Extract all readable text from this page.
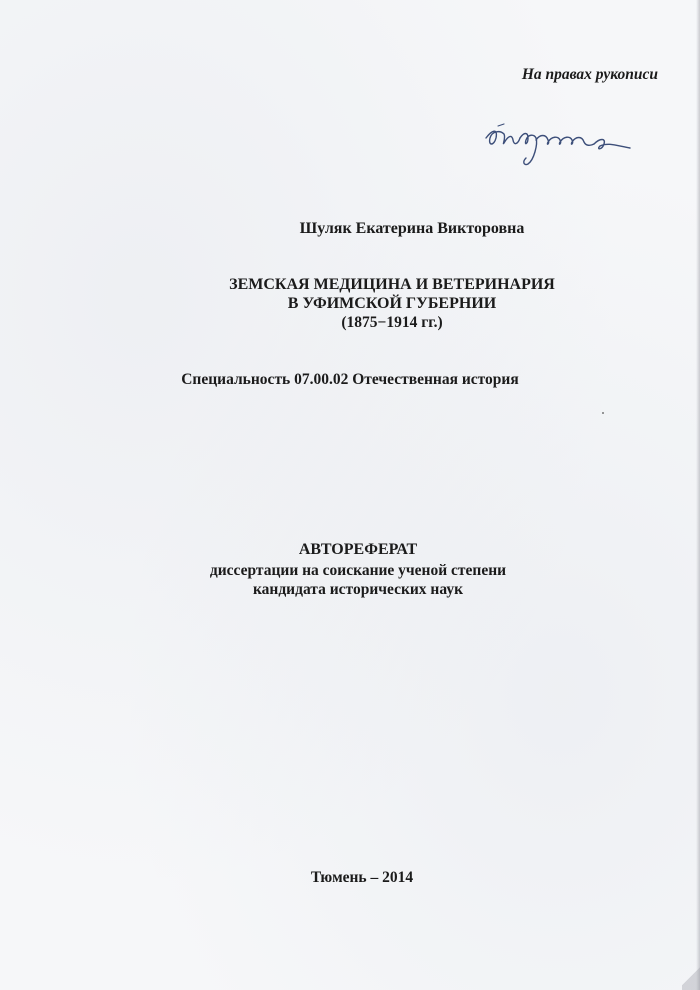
На правах рукописи
Шуляк Екатерина Викторовна
ЗЕМСКАЯ МЕДИЦИНА И ВЕТЕРИНАРИЯ
В УФИМСКОЙ ГУБЕРНИИ
(1875−1914 гг.)
Специальность 07.00.02 Отечественная история
АВТОРЕФЕРАТ
диссертации на соискание ученой степени
кандидата исторических наук
Тюмень – 2014
